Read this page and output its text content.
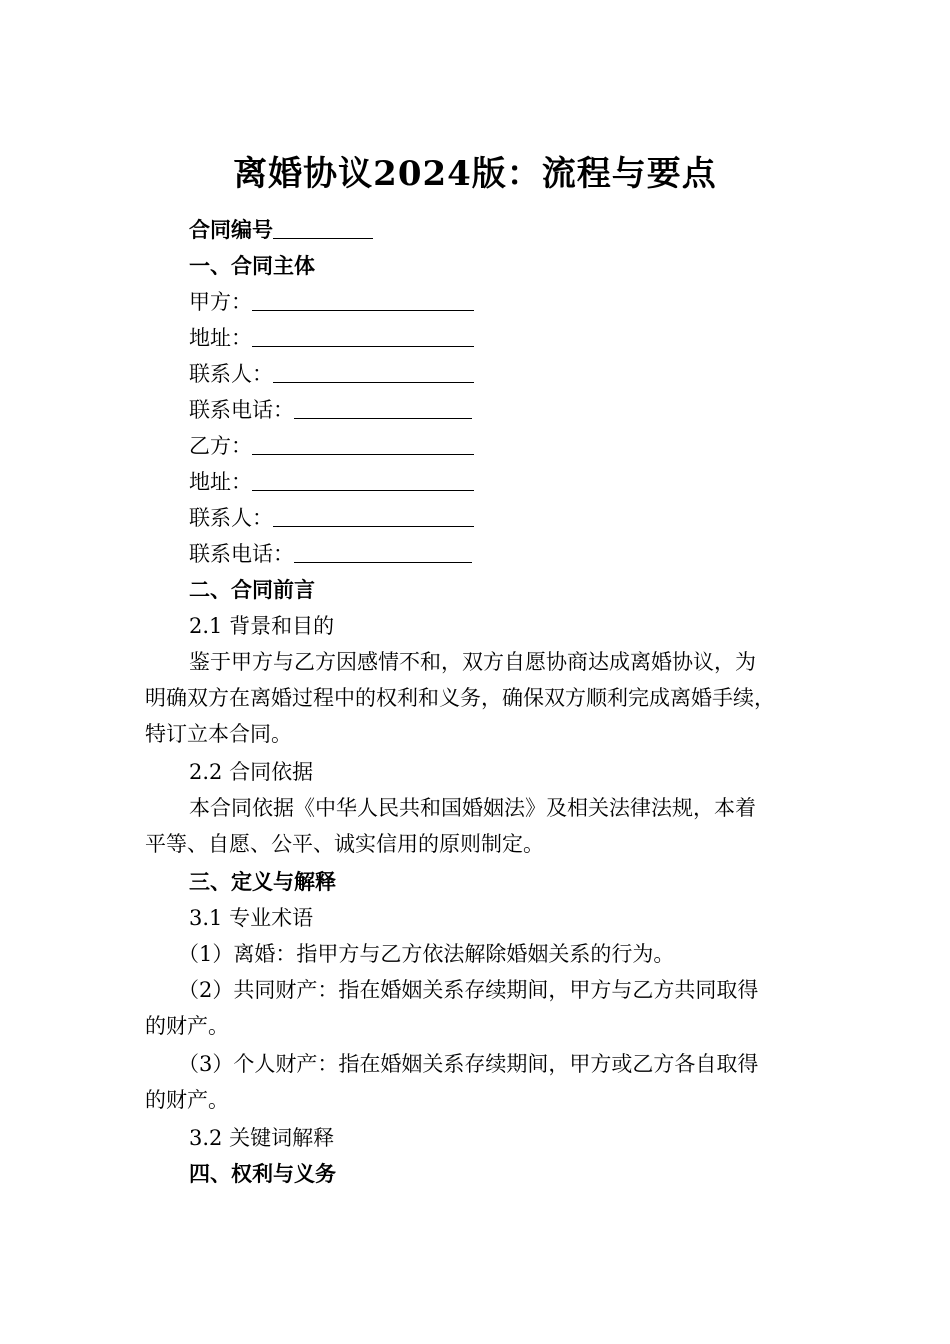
离婚协议2024版：流程与要点
合同编号
一、合同主体
甲方：
地址：
联系人：
联系电话：
乙方：
地址：
联系人：
联系电话：
二、合同前言
2.1 背景和目的
鉴于甲方与乙方因感情不和，双方自愿协商达成离婚协议，为
明确双方在离婚过程中的权利和义务，确保双方顺利完成离婚手续，
特订立本合同。
2.2 合同依据
本合同依据《中华人民共和国婚姻法》及相关法律法规，本着
平等、自愿、公平、诚实信用的原则制定。
三、定义与解释
3.1 专业术语
（1）离婚：指甲方与乙方依法解除婚姻关系的行为。
（2）共同财产：指在婚姻关系存续期间，甲方与乙方共同取得
的财产。
（3）个人财产：指在婚姻关系存续期间，甲方或乙方各自取得
的财产。
3.2 关键词解释
四、权利与义务
